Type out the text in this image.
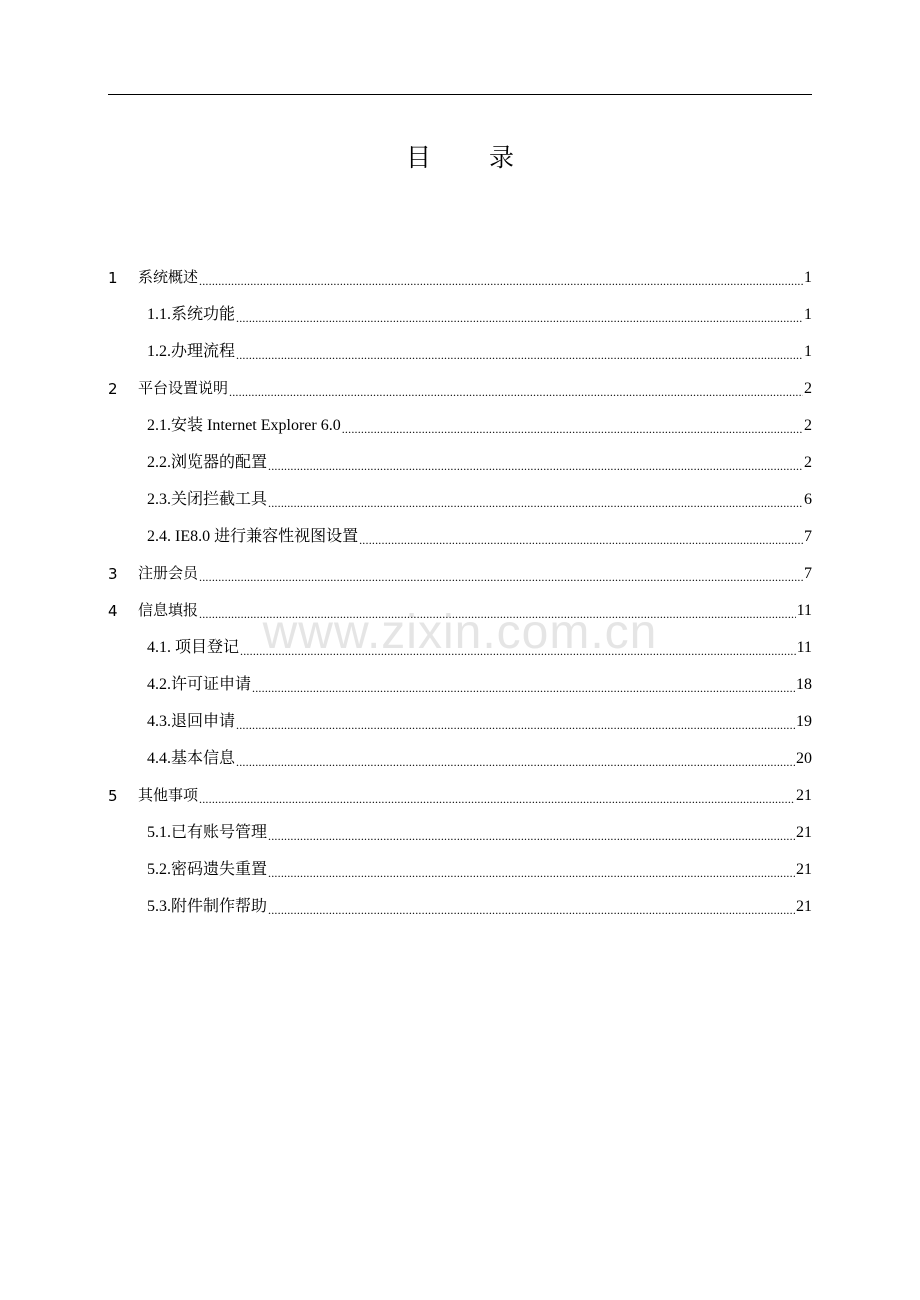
目 录
1	系统概述 .....	1
1.1.系统功能 .....	1
1.2.办理流程 .....	1
2	平台设置说明 .....	2
2.1.安装 Internet Explorer 6.0 .....	2
2.2.浏览器的配置 .....	2
2.3.关闭拦截工具 .....	6
2.4. IE8.0 进行兼容性视图设置 .....	7
3	注册会员 .....	7
4	信息填报 .....	11
4.1. 项目登记 .....	11
4.2.许可证申请 .....	18
4.3.退回申请 .....	19
4.4.基本信息 .....	20
5	其他事项 .....	21
5.1.已有账号管理 .....	21
5.2.密码遗失重置 .....	21
5.3.附件制作帮助 .....	21
www.zixin.com.cn
